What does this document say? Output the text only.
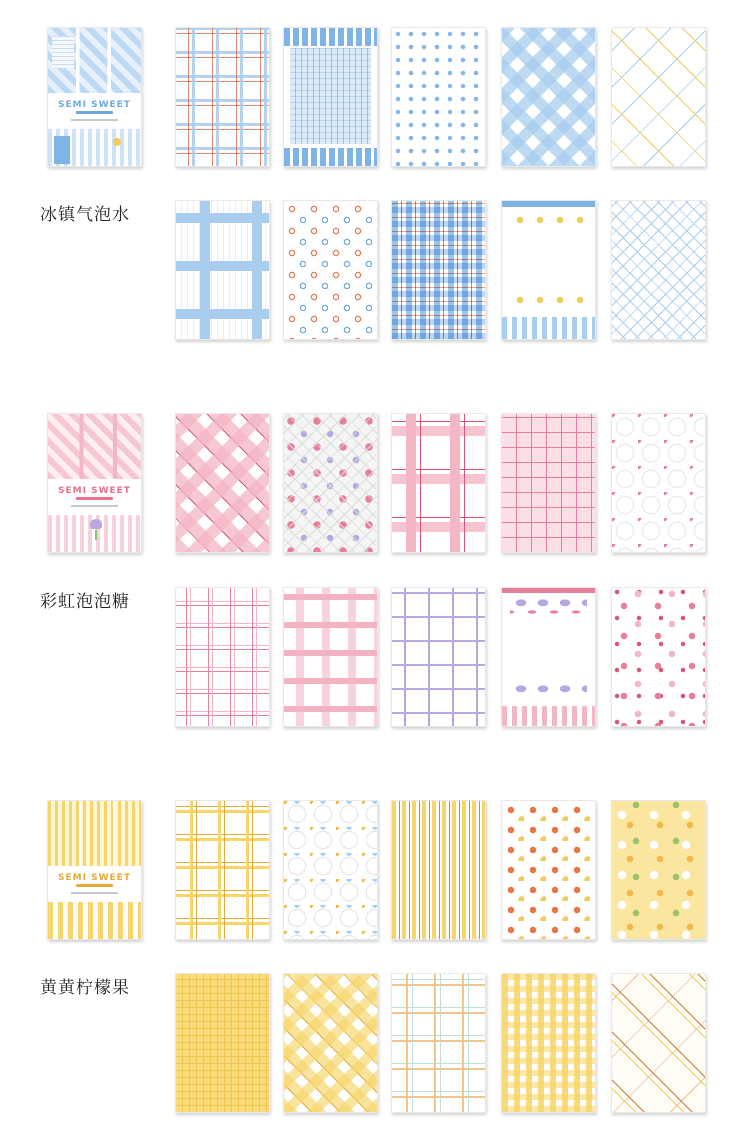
SEMI SWEET
冰镇气泡水
SEMI SWEET
彩虹泡泡糖
SEMI SWEET
黄黄柠檬果
